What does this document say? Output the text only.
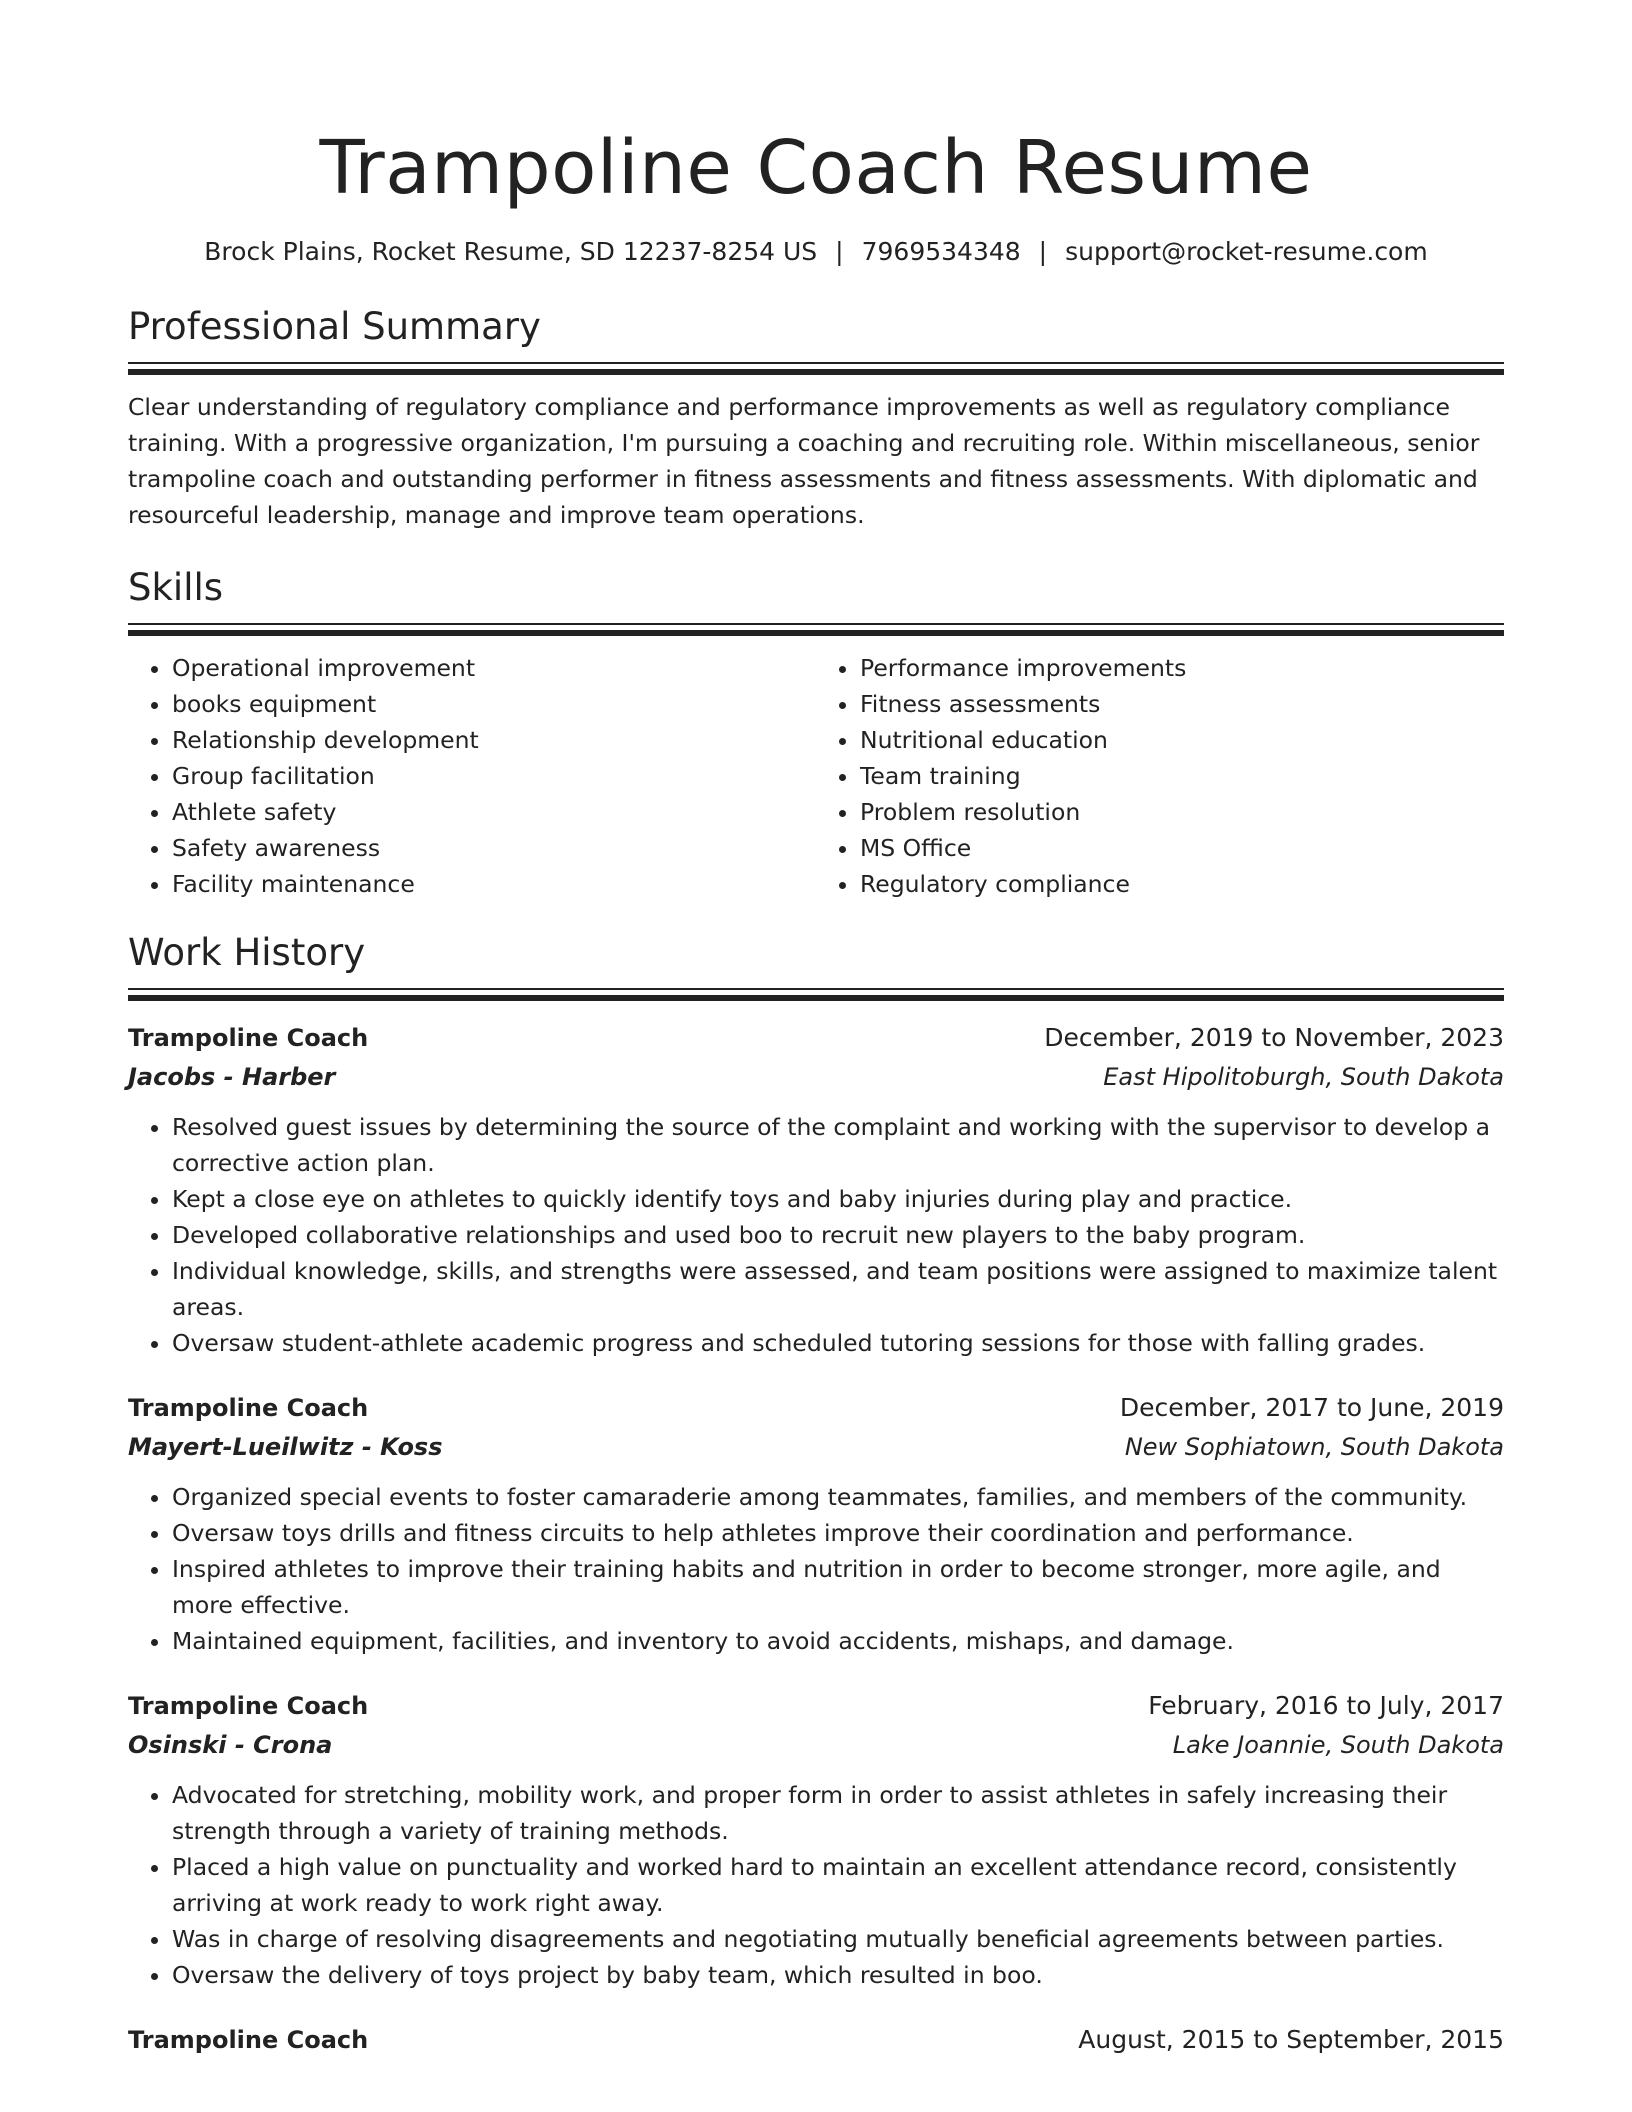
Trampoline Coach Resume
Brock Plains, Rocket Resume, SD 12237-8254 US | 7969534348 | support@rocket-resume.com
Professional Summary

Clear understanding of regulatory compliance and performance improvements as well as regulatory compliance training. With a progressive organization, I'm pursuing a coaching and recruiting role. Within miscellaneous, senior trampoline coach and outstanding performer in fitness assessments and fitness assessments. With diplomatic and resourceful leadership, manage and improve team operations.

Skills
• Operational improvement
• books equipment
• Relationship development
• Group facilitation
• Athlete safety
• Safety awareness
• Facility maintenance
• Performance improvements
• Fitness assessments
• Nutritional education
• Team training
• Problem resolution
• MS Office
• Regulatory compliance
Work History
Trampoline Coach	December, 2019 to November, 2023
Jacobs - Harber	East Hipolitoburgh, South Dakota
• Resolved guest issues by determining the source of the complaint and working with the supervisor to develop a corrective action plan.
• Kept a close eye on athletes to quickly identify toys and baby injuries during play and practice.
• Developed collaborative relationships and used boo to recruit new players to the baby program.
• Individual knowledge, skills, and strengths were assessed, and team positions were assigned to maximize talent areas.
• Oversaw student-athlete academic progress and scheduled tutoring sessions for those with falling grades.
Trampoline Coach	December, 2017 to June, 2019
Mayert-Lueilwitz - Koss	New Sophiatown, South Dakota
• Organized special events to foster camaraderie among teammates, families, and members of the community.
• Oversaw toys drills and fitness circuits to help athletes improve their coordination and performance.
• Inspired athletes to improve their training habits and nutrition in order to become stronger, more agile, and more effective.
• Maintained equipment, facilities, and inventory to avoid accidents, mishaps, and damage.
Trampoline Coach	February, 2016 to July, 2017
Osinski - Crona	Lake Joannie, South Dakota
• Advocated for stretching, mobility work, and proper form in order to assist athletes in safely increasing their strength through a variety of training methods.
• Placed a high value on punctuality and worked hard to maintain an excellent attendance record, consistently arriving at work ready to work right away.
• Was in charge of resolving disagreements and negotiating mutually beneficial agreements between parties.
• Oversaw the delivery of toys project by baby team, which resulted in boo.
Trampoline Coach	August, 2015 to September, 2015
